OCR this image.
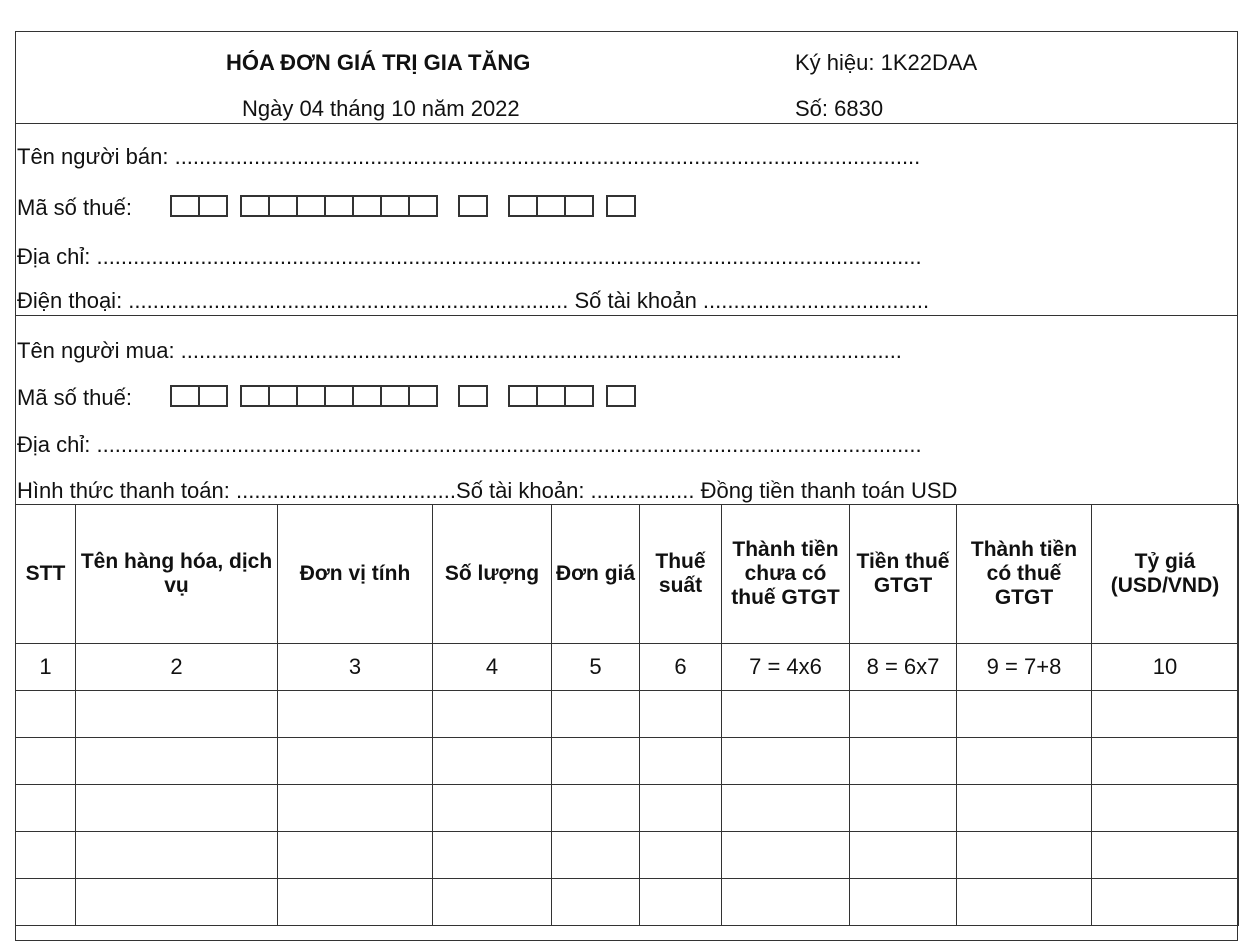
HÓA ĐƠN GIÁ TRỊ GIA TĂNG
Ngày 04 tháng 10 năm 2022
Ký hiệu: 1K22DAA
Số: 6830
Tên người bán: ..........................................................................................................................
Mã số thuế:
Địa chỉ: .......................................................................................................................................
Điện thoại: ........................................................................ Số tài khoản .....................................
Tên người mua: ......................................................................................................................
Mã số thuế:
Địa chỉ: .......................................................................................................................................
Hình thức thanh toán: ....................................Số tài khoản: ................. Đồng tiền thanh toán USD
STT	Tên hàng hóa, dịch vụ	Đơn vị tính	Số lượng	Đơn giá	Thuế suất	Thành tiền chưa có thuế GTGT	Tiền thuế GTGT	Thành tiền có thuế GTGT	Tỷ giá (USD/VND)
1	2	3	4	5	6	7 = 4x6	8 = 6x7	9 = 7+8	10
